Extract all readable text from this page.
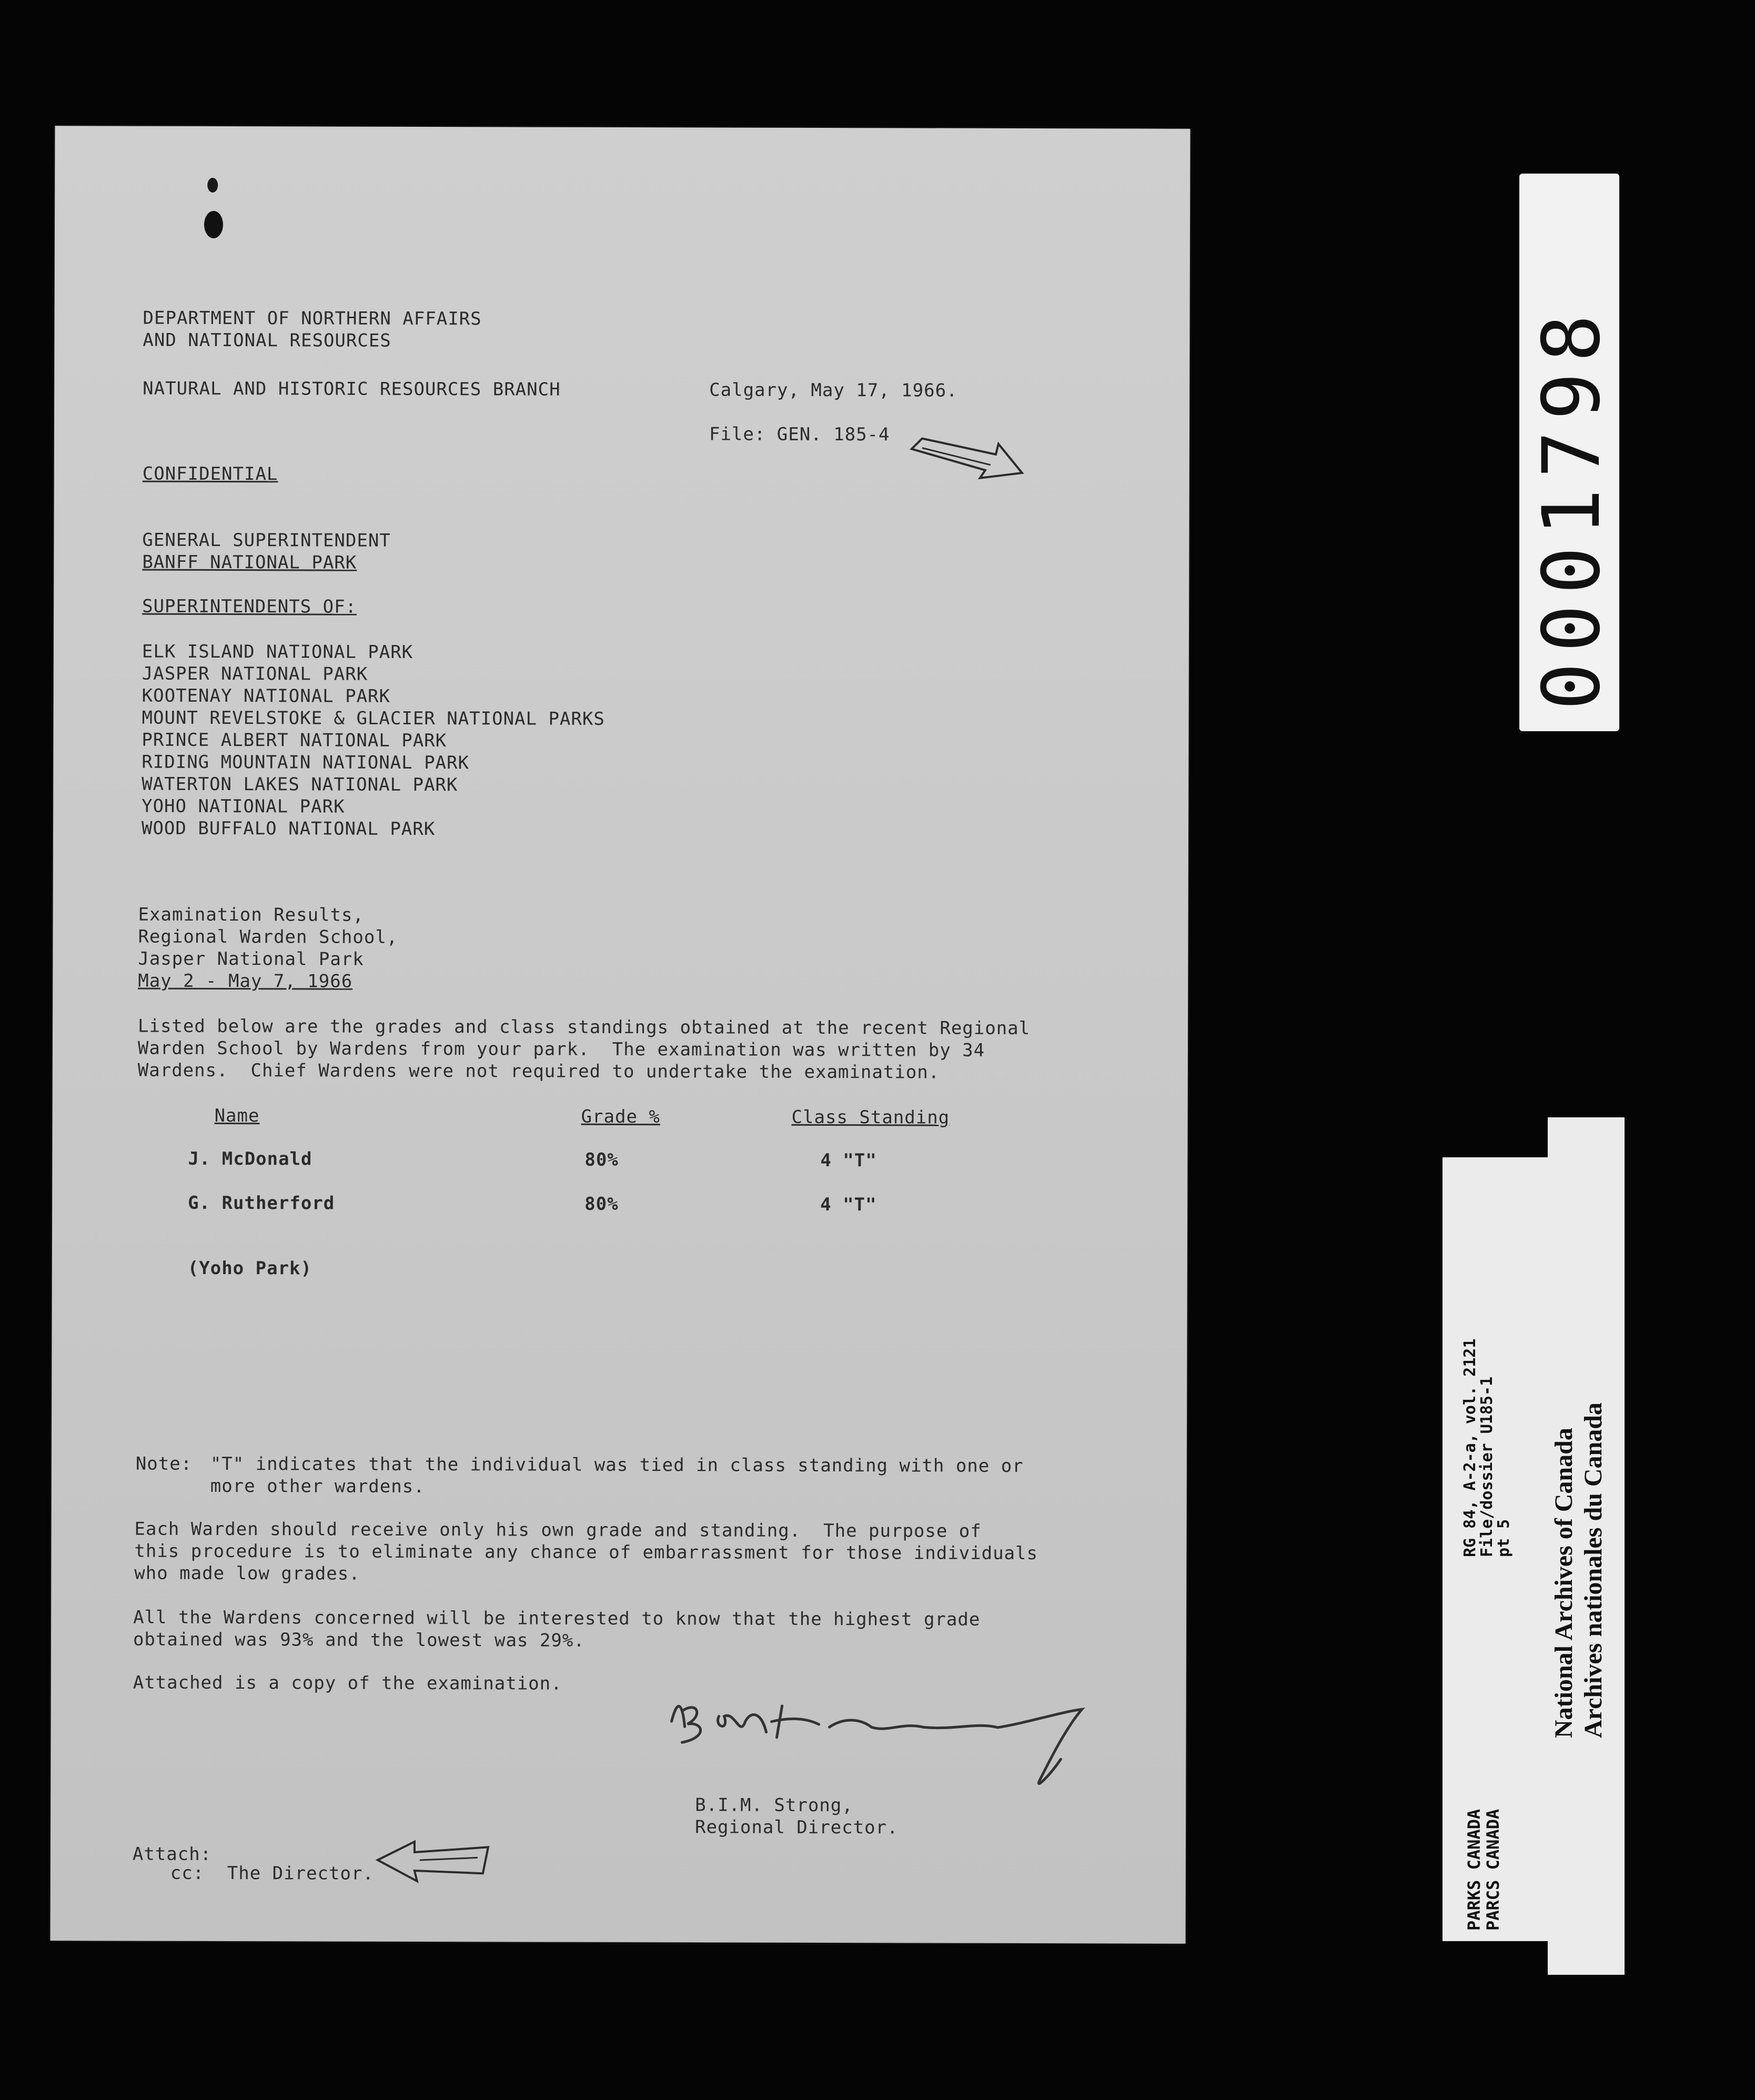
DEPARTMENT OF NORTHERN AFFAIRS
AND NATIONAL RESOURCES
NATURAL AND HISTORIC RESOURCES BRANCH	Calgary, May 17, 1966.
File: GEN. 185-4
CONFIDENTIAL
GENERAL SUPERINTENDENT
BANFF NATIONAL PARK
SUPERINTENDENTS OF:
ELK ISLAND NATIONAL PARK
JASPER NATIONAL PARK
KOOTENAY NATIONAL PARK
MOUNT REVELSTOKE & GLACIER NATIONAL PARKS
PRINCE ALBERT NATIONAL PARK
RIDING MOUNTAIN NATIONAL PARK
WATERTON LAKES NATIONAL PARK
YOHO NATIONAL PARK
WOOD BUFFALO NATIONAL PARK
Examination Results,
Regional Warden School,
Jasper National Park
May 2 - May 7, 1966
Listed below are the grades and class standings obtained at the recent Regional
Warden School by Wardens from your park.  The examination was written by 34
Wardens.  Chief Wardens were not required to undertake the examination.
Name	Grade %	Class Standing
J. McDonald	80%	4 "T"
G. Rutherford	80%	4 "T"
(Yoho Park)
Note: "T" indicates that the individual was tied in class standing with one or
more other wardens.
Each Warden should receive only his own grade and standing.  The purpose of
this procedure is to eliminate any chance of embarrassment for those individuals
who made low grades.
All the Wardens concerned will be interested to know that the highest grade
obtained was 93% and the lowest was 29%.
Attached is a copy of the examination.
B.I.M. Strong,
Regional Director.
Attach:
cc: The Director.
0001798
RG 84, A-2-a, vol. 2121
File/dossier U185-1
pt 5
PARKS CANADA
PARCS CANADA
National Archives of Canada Archives nationales du Canada
